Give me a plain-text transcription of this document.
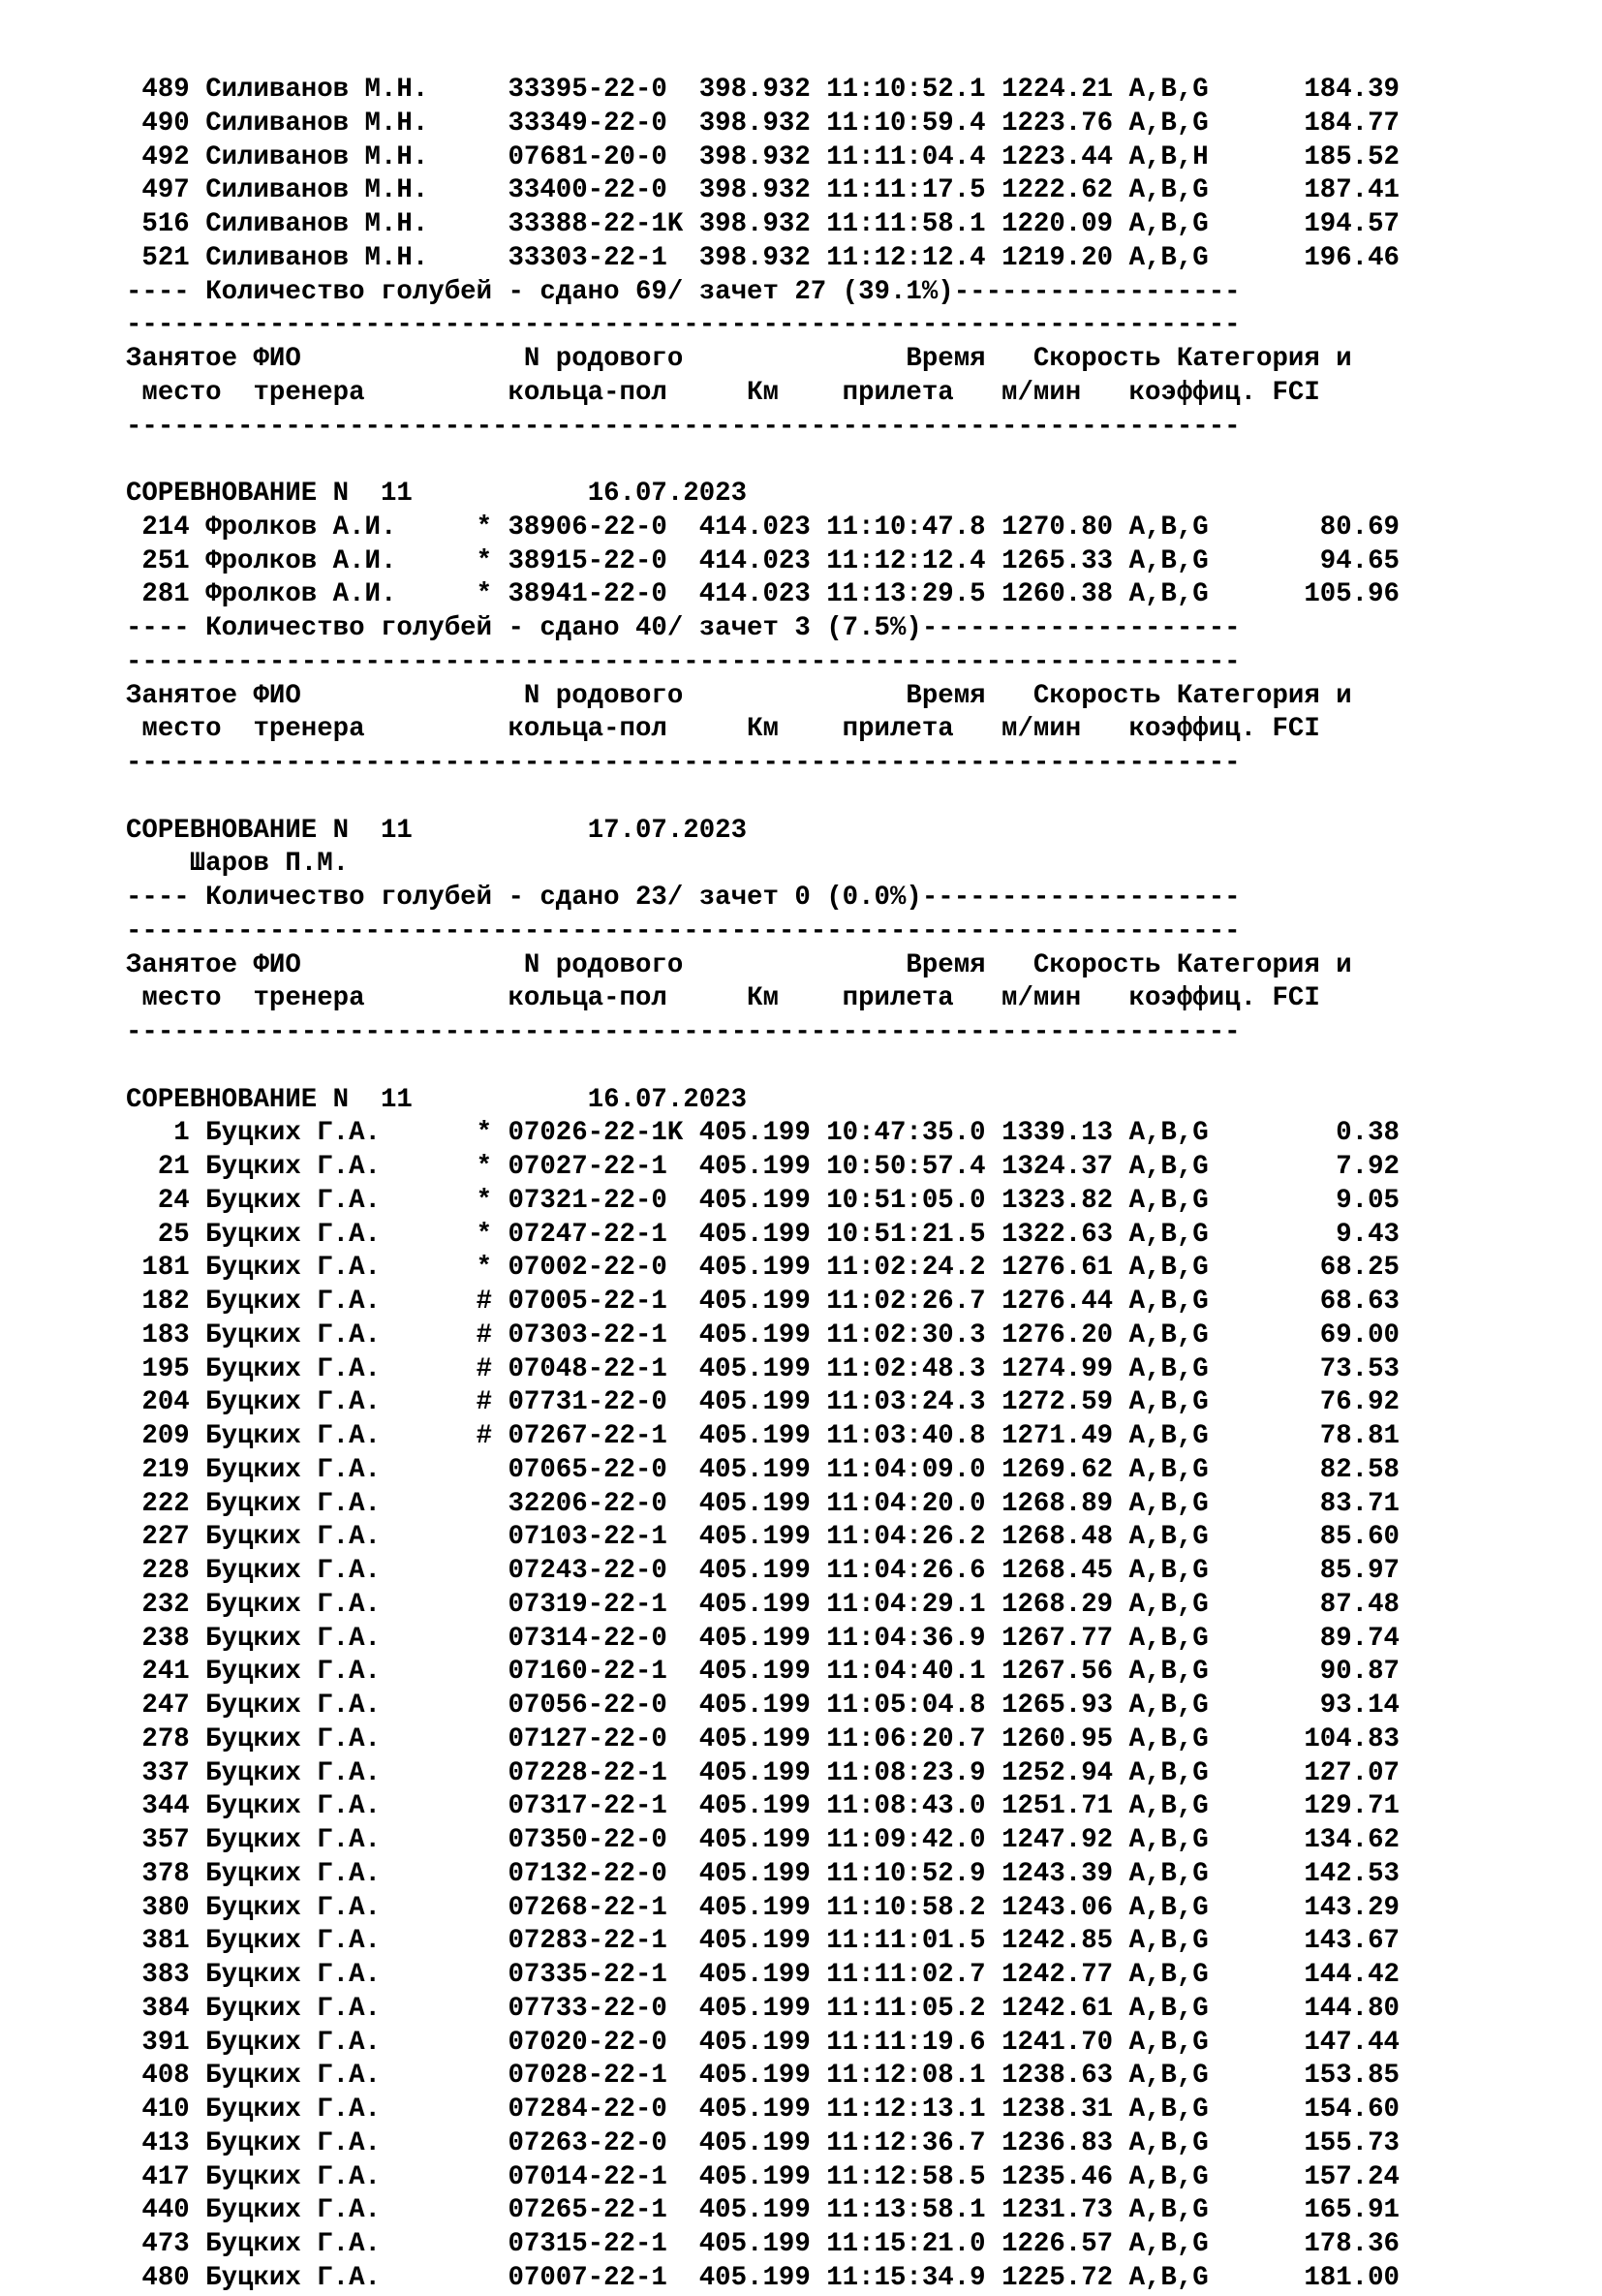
489 Силиванов М.Н.     33395-22-0  398.932 11:10:52.1 1224.21 A,B,G      184.39
490 Силиванов М.Н.     33349-22-0  398.932 11:10:59.4 1223.76 A,B,G      184.77
492 Силиванов М.Н.     07681-20-0  398.932 11:11:04.4 1223.44 A,B,H      185.52
497 Силиванов М.Н.     33400-22-0  398.932 11:11:17.5 1222.62 A,B,G      187.41
516 Силиванов М.Н.     33388-22-1K 398.932 11:11:58.1 1220.09 A,B,G      194.57
521 Силиванов М.Н.     33303-22-1  398.932 11:12:12.4 1219.20 A,B,G      196.46
---- Количество голубей - сдано 69/ зачет 27 (39.1%)------------------
----------------------------------------------------------------------
Занятое ФИО              N родового              Время   Скорость Категория и
место  тренера         кольца-пол     Км    прилета   м/мин   коэффиц. FCI
----------------------------------------------------------------------

СОРЕВНОВАНИЕ N  11           16.07.2023
214 Фролков А.И.     * 38906-22-0  414.023 11:10:47.8 1270.80 A,B,G       80.69
251 Фролков А.И.     * 38915-22-0  414.023 11:12:12.4 1265.33 A,B,G       94.65
281 Фролков А.И.     * 38941-22-0  414.023 11:13:29.5 1260.38 A,B,G      105.96
---- Количество голубей - сдано 40/ зачет 3 (7.5%)--------------------
----------------------------------------------------------------------
Занятое ФИО              N родового              Время   Скорость Категория и
место  тренера         кольца-пол     Км    прилета   м/мин   коэффиц. FCI
----------------------------------------------------------------------

СОРЕВНОВАНИЕ N  11           17.07.2023
Шаров П.М.
---- Количество голубей - сдано 23/ зачет 0 (0.0%)--------------------
----------------------------------------------------------------------
Занятое ФИО              N родового              Время   Скорость Категория и
место  тренера         кольца-пол     Км    прилета   м/мин   коэффиц. FCI
----------------------------------------------------------------------

СОРЕВНОВАНИЕ N  11           16.07.2023
1 Буцких Г.А.      * 07026-22-1K 405.199 10:47:35.0 1339.13 A,B,G        0.38
21 Буцких Г.А.      * 07027-22-1  405.199 10:50:57.4 1324.37 A,B,G        7.92
24 Буцких Г.А.      * 07321-22-0  405.199 10:51:05.0 1323.82 A,B,G        9.05
25 Буцких Г.А.      * 07247-22-1  405.199 10:51:21.5 1322.63 A,B,G        9.43
181 Буцких Г.А.      * 07002-22-0  405.199 11:02:24.2 1276.61 A,B,G       68.25
182 Буцких Г.А.      # 07005-22-1  405.199 11:02:26.7 1276.44 A,B,G       68.63
183 Буцких Г.А.      # 07303-22-1  405.199 11:02:30.3 1276.20 A,B,G       69.00
195 Буцких Г.А.      # 07048-22-1  405.199 11:02:48.3 1274.99 A,B,G       73.53
204 Буцких Г.А.      # 07731-22-0  405.199 11:03:24.3 1272.59 A,B,G       76.92
209 Буцких Г.А.      # 07267-22-1  405.199 11:03:40.8 1271.49 A,B,G       78.81
219 Буцких Г.А.        07065-22-0  405.199 11:04:09.0 1269.62 A,B,G       82.58
222 Буцких Г.А.        32206-22-0  405.199 11:04:20.0 1268.89 A,B,G       83.71
227 Буцких Г.А.        07103-22-1  405.199 11:04:26.2 1268.48 A,B,G       85.60
228 Буцких Г.А.        07243-22-0  405.199 11:04:26.6 1268.45 A,B,G       85.97
232 Буцких Г.А.        07319-22-1  405.199 11:04:29.1 1268.29 A,B,G       87.48
238 Буцких Г.А.        07314-22-0  405.199 11:04:36.9 1267.77 A,B,G       89.74
241 Буцких Г.А.        07160-22-1  405.199 11:04:40.1 1267.56 A,B,G       90.87
247 Буцких Г.А.        07056-22-0  405.199 11:05:04.8 1265.93 A,B,G       93.14
278 Буцких Г.А.        07127-22-0  405.199 11:06:20.7 1260.95 A,B,G      104.83
337 Буцких Г.А.        07228-22-1  405.199 11:08:23.9 1252.94 A,B,G      127.07
344 Буцких Г.А.        07317-22-1  405.199 11:08:43.0 1251.71 A,B,G      129.71
357 Буцких Г.А.        07350-22-0  405.199 11:09:42.0 1247.92 A,B,G      134.62
378 Буцких Г.А.        07132-22-0  405.199 11:10:52.9 1243.39 A,B,G      142.53
380 Буцких Г.А.        07268-22-1  405.199 11:10:58.2 1243.06 A,B,G      143.29
381 Буцких Г.А.        07283-22-1  405.199 11:11:01.5 1242.85 A,B,G      143.67
383 Буцких Г.А.        07335-22-1  405.199 11:11:02.7 1242.77 A,B,G      144.42
384 Буцких Г.А.        07733-22-0  405.199 11:11:05.2 1242.61 A,B,G      144.80
391 Буцких Г.А.        07020-22-0  405.199 11:11:19.6 1241.70 A,B,G      147.44
408 Буцких Г.А.        07028-22-1  405.199 11:12:08.1 1238.63 A,B,G      153.85
410 Буцких Г.А.        07284-22-0  405.199 11:12:13.1 1238.31 A,B,G      154.60
413 Буцких Г.А.        07263-22-0  405.199 11:12:36.7 1236.83 A,B,G      155.73
417 Буцких Г.А.        07014-22-1  405.199 11:12:58.5 1235.46 A,B,G      157.24
440 Буцких Г.А.        07265-22-1  405.199 11:13:58.1 1231.73 A,B,G      165.91
473 Буцких Г.А.        07315-22-1  405.199 11:15:21.0 1226.57 A,B,G      178.36
480 Буцких Г.А.        07007-22-1  405.199 11:15:34.9 1225.72 A,B,G      181.00
